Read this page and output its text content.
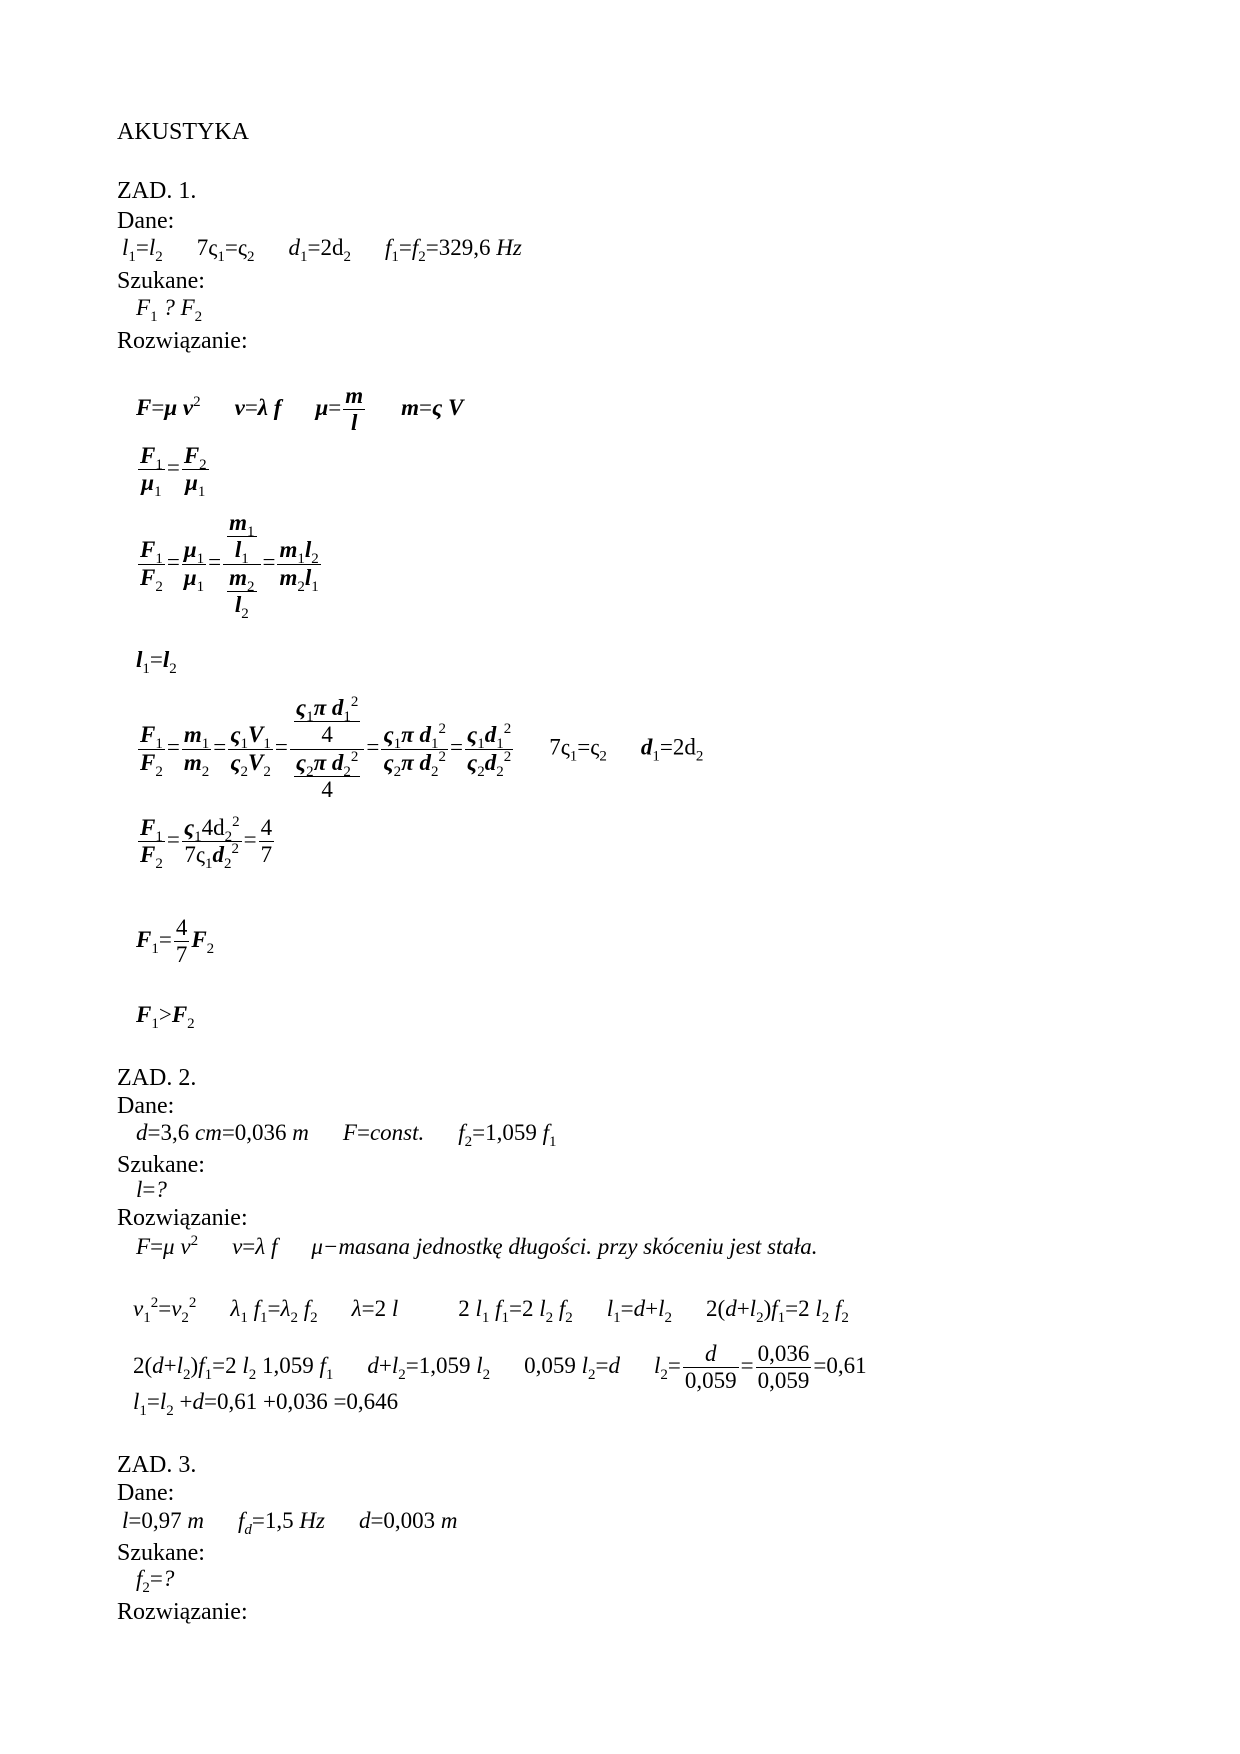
AKUSTYKA
ZAD. 1.
Dane:
$l_1=l_2$ $7\varsigma_1=\varsigma_2$ $d_1=2d_2$ $f_1=f_2=329,6$ Hz
Szukane:
$F_1$ ? $F_2$
Rozwiązanie:
F=μ $v^2$ v=λ f $\mu= \frac{m}{l} m=\varsigma$ V
$\frac{F_1}{\mu_1} = \frac{F_2}{\mu_1}$
$\frac{F_1}{F_2} = \frac{\mu_1}{\mu_1} = \frac{\frac{m_1}{l_1}}{\frac{m_2}{l_2}} = \frac{m_1l_2}{m_2l_1}$
$l_1=l_2$
$\frac{F_1}{F_2} = \frac{m_1}{m_2} = \frac{\varsigma_1V_1}{\varsigma_2V_2} = \frac{\frac{\varsigma_1\pi d_1^2}{4}}{\frac{\varsigma_2\pi d_2^2}{4}} = \frac{\varsigma_1\pi d_1^2}{\varsigma_2\pi d_2^2} = \frac{\varsigma_1d_1^2}{\varsigma_2d_2^2} 7\varsigma_1=\varsigma_2$ $d_1=2d_2$
$\frac{F_1}{F_2} = \frac{\varsigma_14d_2^2}{7\varsigma_1d_2^2} = \frac{4}{7}$
$F_1= \frac{4}{7} F_2$
$F_1>F_2$
ZAD. 2.
Dane:
d=3,6 cm=0,036 m F=const. $f_2=1,059$ $f_1$
Szukane:
l=?
Rozwiązanie:
F=μ $v^2$ v=λ f μ−masana jednostkę długości. przy skóceniu jest stała.
$v_1^2=v_2^2$ $\lambda_1$ $f_1=\lambda_2$ $f_2$ λ=2 l	2 $l_1$ $f_1=2$ $l_2$ $f_2$ $l_1=d+l_2$ $2(d+l_2)f_1=2$ $l_2$ $f_2$
$2(d+l_2)f_1=2$ $l_2$ 1,059 $f_1$ $d+l_2=1,059$ $l_2$ 0,059 $l_2=d$ $l_2= \frac{d}{0,059} = \frac{0,036}{0,059} =0,61$
$l_1=l_2 +d=0,61 +0,036 =0,646$
ZAD. 3.
Dane:
l=0,97 m $f_d=1,5$ Hz d=0,003 m
Szukane:
$f_2=$?
Rozwiązanie:
